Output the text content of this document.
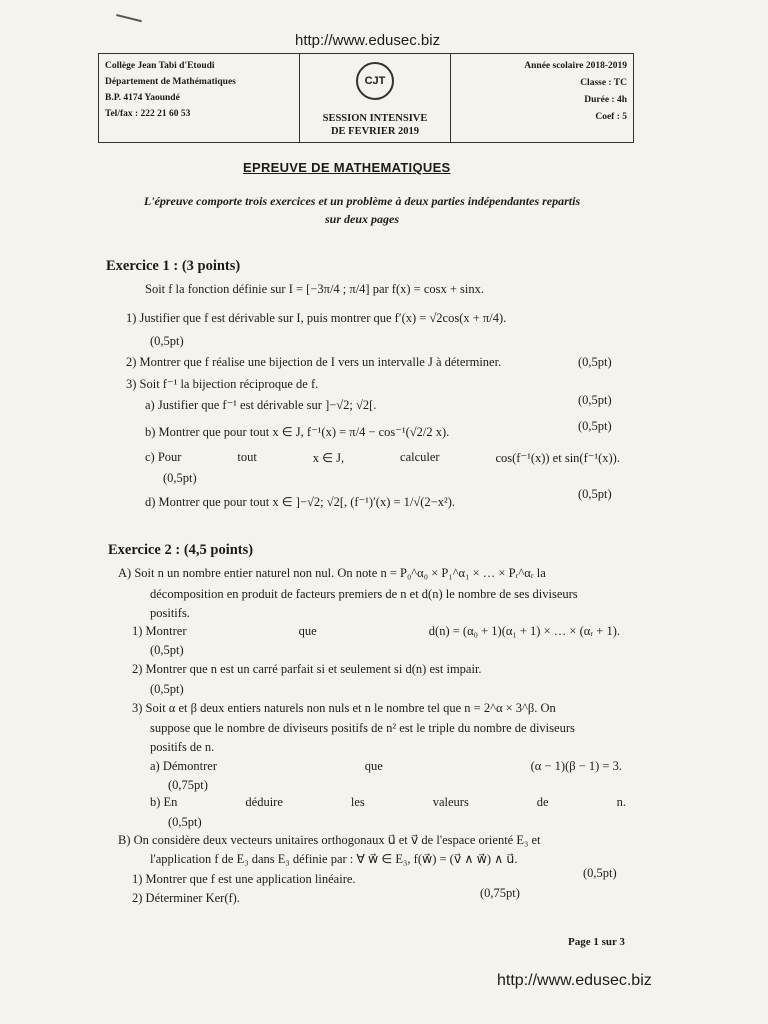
http://www.edusec.biz
Collège Jean Tabi d'Etoudi
Département de Mathématiques
B.P. 4174 Yaoundé
Tel/fax : 222 21 60 53
CJT
SESSION INTENSIVE
DE FEVRIER 2019
Année scolaire 2018-2019
Classe : TC
Durée : 4h
Coef : 5
EPREUVE DE MATHEMATIQUES
L'épreuve comporte trois exercices et un problème à deux parties indépendantes repartis
sur deux pages
Exercice 1 : (3 points)
Soit f la fonction définie sur I = [−3π/4 ; π/4] par f(x) = cosx + sinx.
1) Justifier que f est dérivable sur I, puis montrer que f′(x) = √2cos(x + π/4).
(0,5pt)
2) Montrer que f réalise une bijection de I vers un intervalle J à déterminer.	(0,5pt)
3) Soit f⁻¹ la bijection réciproque de f.
a) Justifier que f⁻¹ est dérivable sur ]−√2; √2[.	(0,5pt)
b) Montrer que pour tout x ∈ J, f⁻¹(x) = π/4 − cos⁻¹(√2/2 x).	(0,5pt)
c) Pour	tout	x ∈ J,	calculer	cos(f⁻¹(x)) et sin(f⁻¹(x)).
(0,5pt)
d) Montrer que pour tout x ∈ ]−√2; √2[, (f⁻¹)′(x) = 1/√(2−x²).
(0,5pt)
Exercice 2 : (4,5 points)
A) Soit n un nombre entier naturel non nul. On note n = P₀^α₀ × P₁^α₁ × … × Pᵣ^αᵣ la
décomposition en produit de facteurs premiers de n et d(n) le nombre de ses diviseurs
positifs.
1) Montrer	que	d(n) = (α₀ + 1)(α₁ + 1) × … × (αᵣ + 1).
(0,5pt)
2) Montrer que n est un carré parfait si et seulement si d(n) est impair.
(0,5pt)
3) Soit α et β deux entiers naturels non nuls et n le nombre tel que n = 2^α × 3^β. On
suppose que le nombre de diviseurs positifs de n² est le triple du nombre de diviseurs
positifs de n.
a) Démontrer	que	(α − 1)(β − 1) = 3.
(0,75pt)
b) En	déduire	les	valeurs	de	n.
(0,5pt)
B) On considère deux vecteurs unitaires orthogonaux u⃗ et v⃗ de l'espace orienté E₃ et
l'application f de E₃ dans E₃ définie par : ∀ w⃗ ∈ E₃, f(w⃗) = (v⃗ ∧ w⃗) ∧ u⃗.
1) Montrer que f est une application linéaire.	(0,5pt)
2) Déterminer Ker(f).	(0,75pt)
Page 1 sur 3
http://www.edusec.biz
